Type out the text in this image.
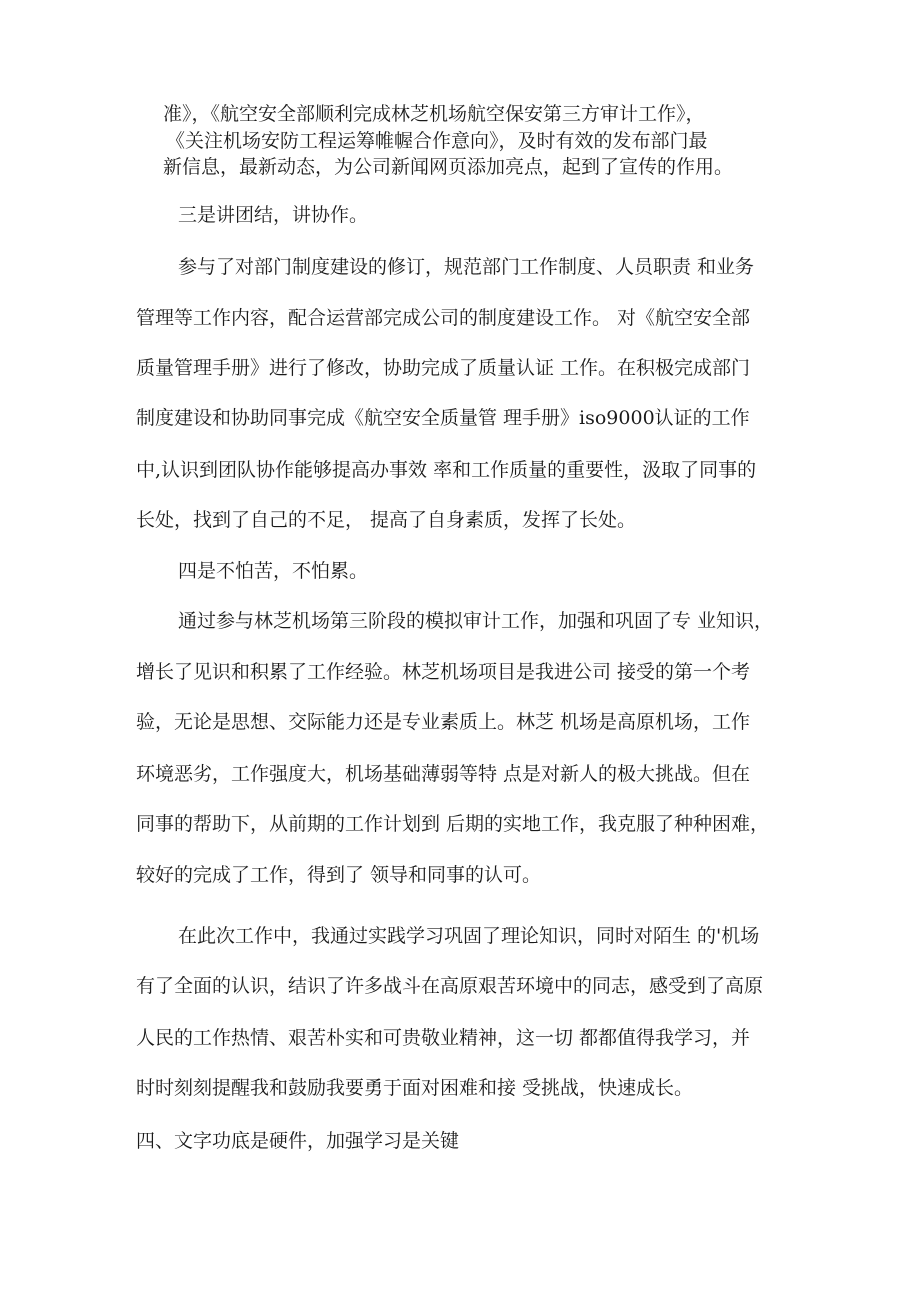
准》，《航空安全部顺利完成林芝机场航空保安第三方审计工作》，

《关注机场安防工程运筹帷幄合作意向》，及时有效的发布部门最

新信息，最新动态，为公司新闻网页添加亮点，起到了宣传的作用。

三是讲团结，讲协作。

参与了对部门制度建设的修订，规范部门工作制度、人员职责 和业务

管理等工作内容，配合运营部完成公司的制度建设工作。 对《航空安全部

质量管理手册》进行了修改，协助完成了质量认证 工作。在积极完成部门

制度建设和协助同事完成《航空安全质量管 理手册》iso9000认证的工作

中,认识到团队协作能够提高办事效 率和工作质量的重要性，汲取了同事的

长处，找到了自己的不足， 提高了自身素质，发挥了长处。

四是不怕苦，不怕累。

通过参与林芝机场第三阶段的模拟审计工作，加强和巩固了专 业知识，

增长了见识和积累了工作经验。林芝机场项目是我进公司 接受的第一个考

验，无论是思想、交际能力还是专业素质上。林芝 机场是高原机场，工作

环境恶劣，工作强度大，机场基础薄弱等特 点是对新人的极大挑战。但在

同事的帮助下，从前期的工作计划到 后期的实地工作，我克服了种种困难，

较好的完成了工作，得到了 领导和同事的认可。

在此次工作中，我通过实践学习巩固了理论知识，同时对陌生 的'机场

有了全面的认识，结识了许多战斗在高原艰苦环境中的同志，感受到了高原

人民的工作热情、艰苦朴实和可贵敬业精神，这一切 都都值得我学习，并

时时刻刻提醒我和鼓励我要勇于面对困难和接 受挑战，快速成长。

四、文字功底是硬件，加强学习是关键
